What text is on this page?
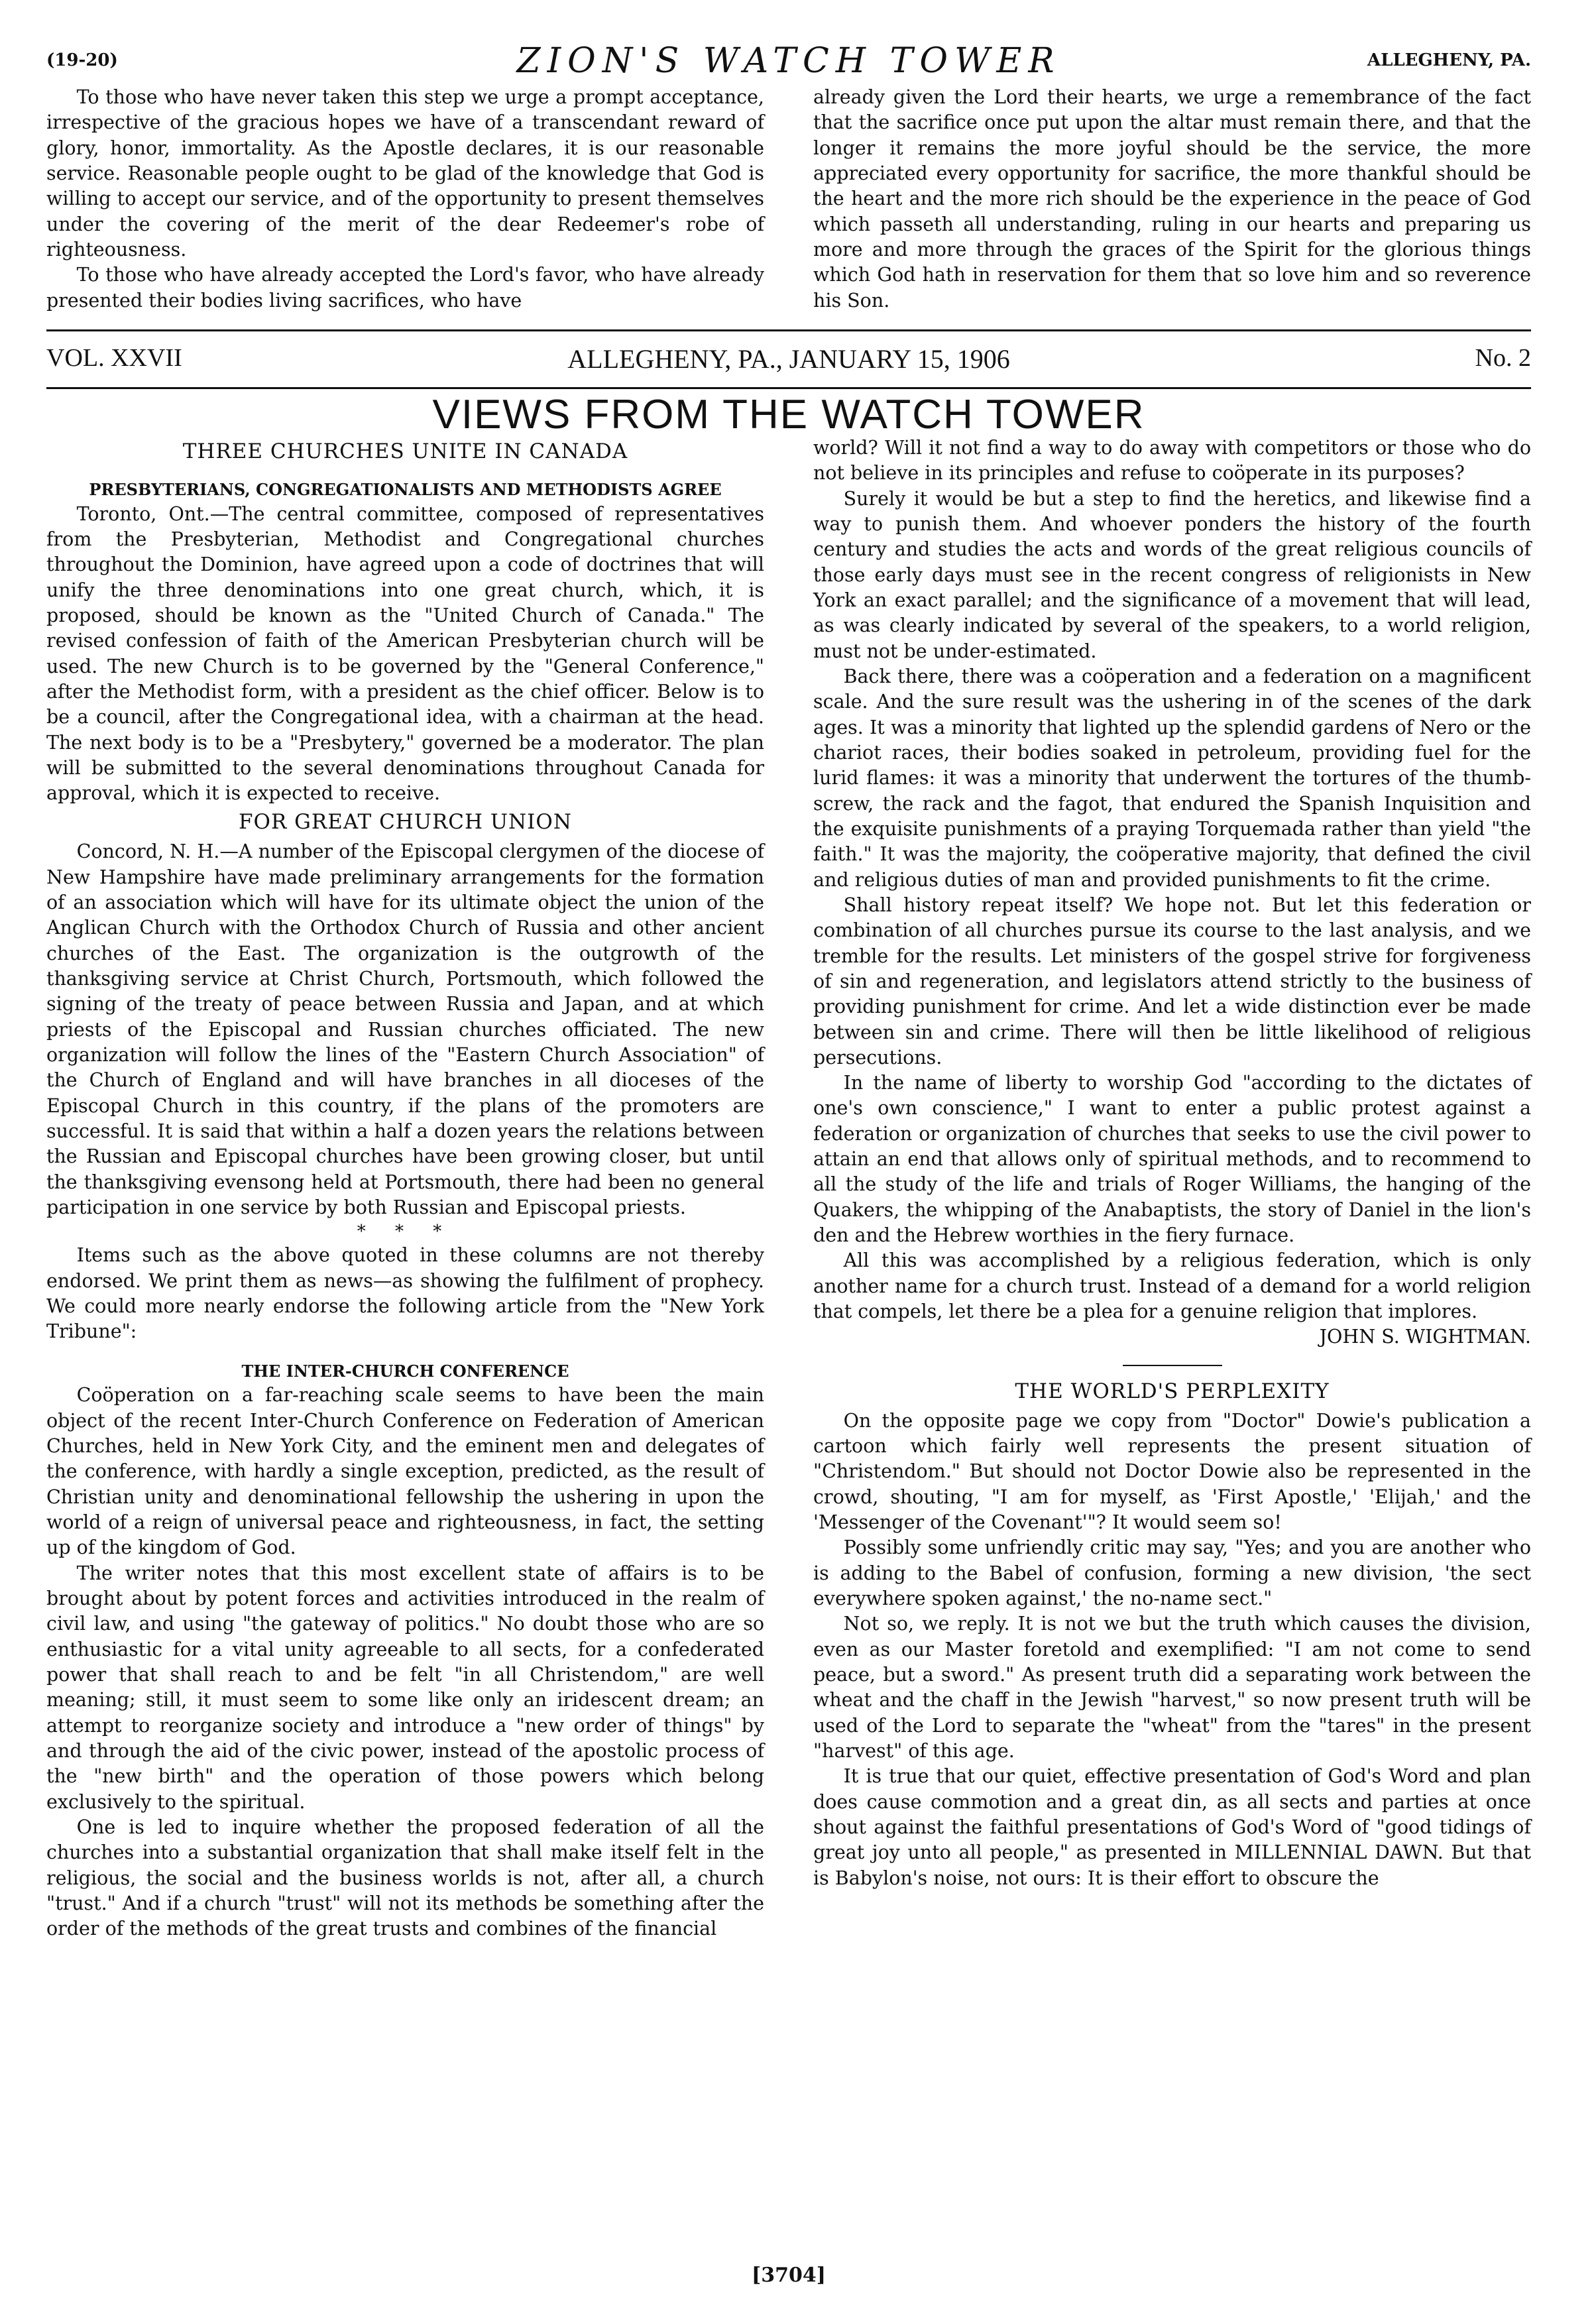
(19-20)	ZION'S WATCH TOWER	ALLEGHENY, PA.

To those who have never taken this step we urge a prompt acceptance, irrespective of the gracious hopes we have of a transcendant reward of glory, honor, immortality. As the Apostle declares, it is our reasonable service. Reasonable people ought to be glad of the knowledge that God is willing to accept our service, and of the opportunity to present themselves under the covering of the merit of the dear Redeemer's robe of righteousness.

To those who have already accepted the Lord's favor, who have already presented their bodies living sacrifices, who have

already given the Lord their hearts, we urge a remembrance of the fact that the sacrifice once put upon the altar must remain there, and that the longer it remains the more joyful should be the service, the more appreciated every opportunity for sacrifice, the more thankful should be the heart and the more rich should be the experience in the peace of God which passeth all understanding, ruling in our hearts and preparing us more and more through the graces of the Spirit for the glorious things which God hath in reservation for them that so love him and so reverence his Son.

VOL. XXVII	ALLEGHENY, PA., JANUARY 15, 1906	No. 2
VIEWS FROM THE WATCH TOWER
THREE CHURCHES UNITE IN CANADA
PRESBYTERIANS, CONGREGATIONALISTS AND METHODISTS AGREE

Toronto, Ont.—The central committee, composed of representatives from the Presbyterian, Methodist and Congregational churches throughout the Dominion, have agreed upon a code of doctrines that will unify the three denominations into one great church, which, it is proposed, should be known as the "United Church of Canada." The revised confession of faith of the American Presbyterian church will be used. The new Church is to be governed by the "General Conference," after the Methodist form, with a president as the chief officer. Below is to be a council, after the Congregational idea, with a chairman at the head. The next body is to be a "Presbytery," governed be a moderator. The plan will be submitted to the several denominations throughout Canada for approval, which it is expected to receive.

FOR GREAT CHURCH UNION

Concord, N. H.—A number of the Episcopal clergymen of the diocese of New Hampshire have made preliminary arrangements for the formation of an association which will have for its ultimate object the union of the Anglican Church with the Orthodox Church of Russia and other ancient churches of the East. The organization is the outgrowth of the thanksgiving service at Christ Church, Portsmouth, which followed the signing of the treaty of peace between Russia and Japan, and at which priests of the Episcopal and Russian churches officiated. The new organization will follow the lines of the "Eastern Church Association" of the Church of England and will have branches in all dioceses of the Episcopal Church in this country, if the plans of the promoters are successful. It is said that within a half a dozen years the relations between the Russian and Episcopal churches have been growing closer, but until the thanksgiving evensong held at Portsmouth, there had been no general participation in one service by both Russian and Episcopal priests.

* * *

Items such as the above quoted in these columns are not thereby endorsed. We print them as news—as showing the fulfilment of prophecy. We could more nearly endorse the following article from the "New York Tribune":

THE INTER-CHURCH CONFERENCE

Coöperation on a far-reaching scale seems to have been the main object of the recent Inter-Church Conference on Federation of American Churches, held in New York City, and the eminent men and delegates of the conference, with hardly a single exception, predicted, as the result of Christian unity and denominational fellowship the ushering in upon the world of a reign of universal peace and righteousness, in fact, the setting up of the kingdom of God.

The writer notes that this most excellent state of affairs is to be brought about by potent forces and activities introduced in the realm of civil law, and using "the gateway of politics." No doubt those who are so enthusiastic for a vital unity agreeable to all sects, for a confederated power that shall reach to and be felt "in all Christendom," are well meaning; still, it must seem to some like only an iridescent dream; an attempt to reorganize society and introduce a "new order of things" by and through the aid of the civic power, instead of the apostolic process of the "new birth" and the operation of those powers which belong exclusively to the spiritual.

One is led to inquire whether the proposed federation of all the churches into a substantial organization that shall make itself felt in the religious, the social and the business worlds is not, after all, a church "trust." And if a church "trust" will not its methods be something after the order of the methods of the great trusts and combines of the financial

world? Will it not find a way to do away with competitors or those who do not believe in its principles and refuse to coöperate in its purposes?

Surely it would be but a step to find the heretics, and likewise find a way to punish them. And whoever ponders the history of the fourth century and studies the acts and words of the great religious councils of those early days must see in the recent congress of religionists in New York an exact parallel; and the significance of a movement that will lead, as was clearly indicated by several of the speakers, to a world religion, must not be under-estimated.

Back there, there was a coöperation and a federation on a magnificent scale. And the sure result was the ushering in of the scenes of the dark ages. It was a minority that lighted up the splendid gardens of Nero or the chariot races, their bodies soaked in petroleum, providing fuel for the lurid flames: it was a minority that underwent the tortures of the thumb-screw, the rack and the fagot, that endured the Spanish Inquisition and the exquisite punishments of a praying Torquemada rather than yield "the faith." It was the majority, the coöperative majority, that defined the civil and religious duties of man and provided punishments to fit the crime.

Shall history repeat itself? We hope not. But let this federation or combination of all churches pursue its course to the last analysis, and we tremble for the results. Let ministers of the gospel strive for forgiveness of sin and regeneration, and legislators attend strictly to the business of providing punishment for crime. And let a wide distinction ever be made between sin and crime. There will then be little likelihood of religious persecutions.

In the name of liberty to worship God "according to the dictates of one's own conscience," I want to enter a public protest against a federation or organization of churches that seeks to use the civil power to attain an end that allows only of spiritual methods, and to recommend to all the study of the life and trials of Roger Williams, the hanging of the Quakers, the whipping of the Anabaptists, the story of Daniel in the lion's den and the Hebrew worthies in the fiery furnace.

All this was accomplished by a religious federation, which is only another name for a church trust. Instead of a demand for a world religion that compels, let there be a plea for a genuine religion that implores.

JOHN S. WIGHTMAN.
THE WORLD'S PERPLEXITY

On the opposite page we copy from "Doctor" Dowie's publication a cartoon which fairly well represents the present situation of "Christendom." But should not Doctor Dowie also be represented in the crowd, shouting, "I am for myself, as 'First Apostle,' 'Elijah,' and the 'Messenger of the Covenant'"? It would seem so!

Possibly some unfriendly critic may say, "Yes; and you are another who is adding to the Babel of confusion, forming a new division, 'the sect everywhere spoken against,' the no-name sect."

Not so, we reply. It is not we but the truth which causes the division, even as our Master foretold and exemplified: "I am not come to send peace, but a sword." As present truth did a separating work between the wheat and the chaff in the Jewish "harvest," so now present truth will be used of the Lord to separate the "wheat" from the "tares" in the present "harvest" of this age.

It is true that our quiet, effective presentation of God's Word and plan does cause commotion and a great din, as all sects and parties at once shout against the faithful presentations of God's Word of "good tidings of great joy unto all people," as presented in MILLENNIAL DAWN. But that is Babylon's noise, not ours: It is their effort to obscure the

[3704]
